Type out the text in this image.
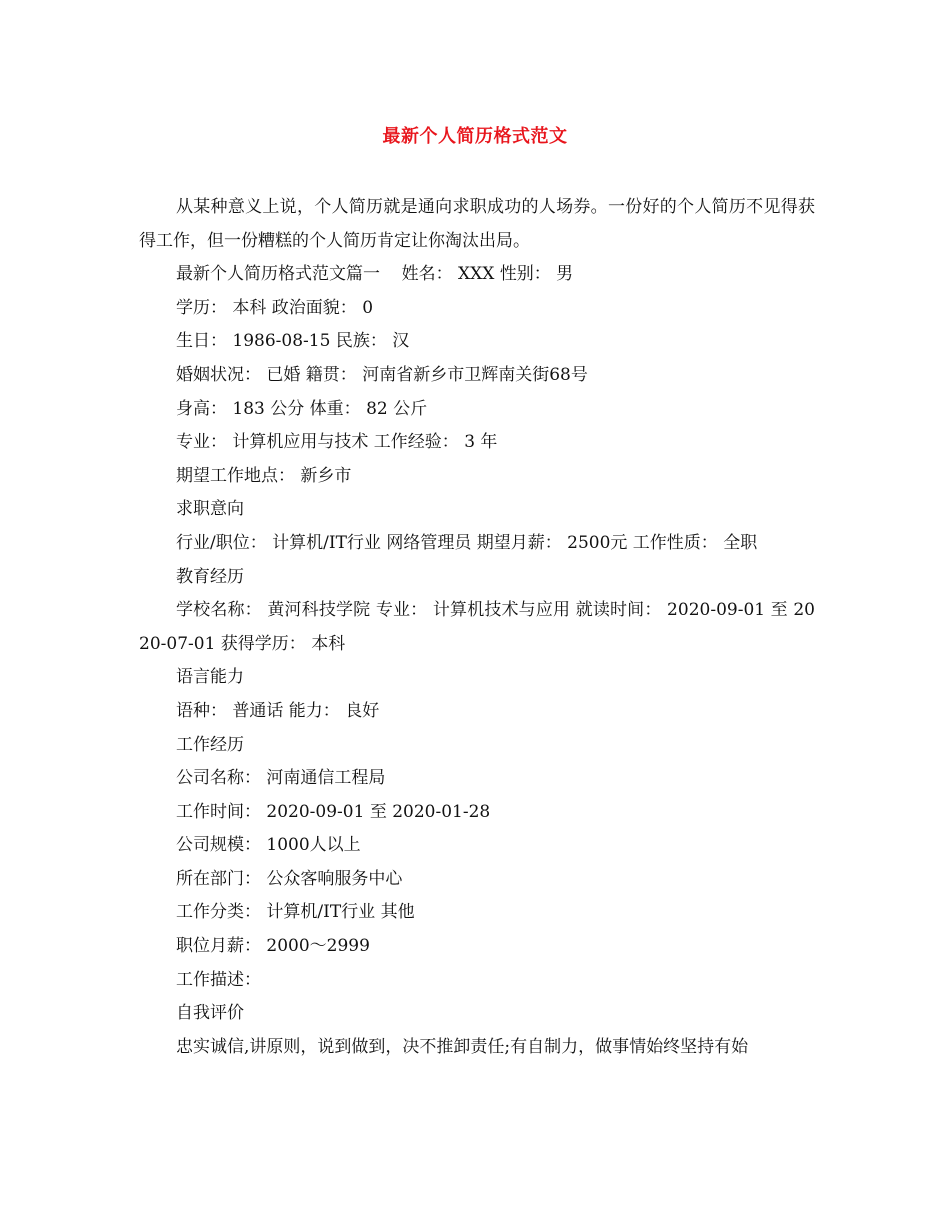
最新个人简历格式范文

从某种意义上说，个人简历就是通向求职成功的人场券。一份好的个人简历不见得获得工作，但一份糟糕的个人简历肯定让你淘汰出局。

最新个人简历格式范文篇一    姓名： XXX 性别： 男

学历： 本科 政治面貌： 0

生日： 1986-08-15 民族： 汉

婚姻状况： 已婚 籍贯： 河南省新乡市卫辉南关街68号

身高： 183 公分 体重： 82 公斤

专业： 计算机应用与技术 工作经验： 3 年

期望工作地点： 新乡市

求职意向

行业/职位： 计算机/IT行业 网络管理员 期望月薪： 2500元 工作性质： 全职

教育经历

学校名称： 黄河科技学院 专业： 计算机技术与应用 就读时间： 2020-09-01 至 2020-07-01 获得学历： 本科

语言能力

语种： 普通话 能力： 良好

工作经历

公司名称： 河南通信工程局

工作时间： 2020-09-01 至 2020-01-28

公司规模： 1000人以上

所在部门： 公众客响服务中心

工作分类： 计算机/IT行业 其他

职位月薪： 2000～2999

工作描述：

自我评价

忠实诚信,讲原则，说到做到，决不推卸责任;有自制力，做事情始终坚持有始
